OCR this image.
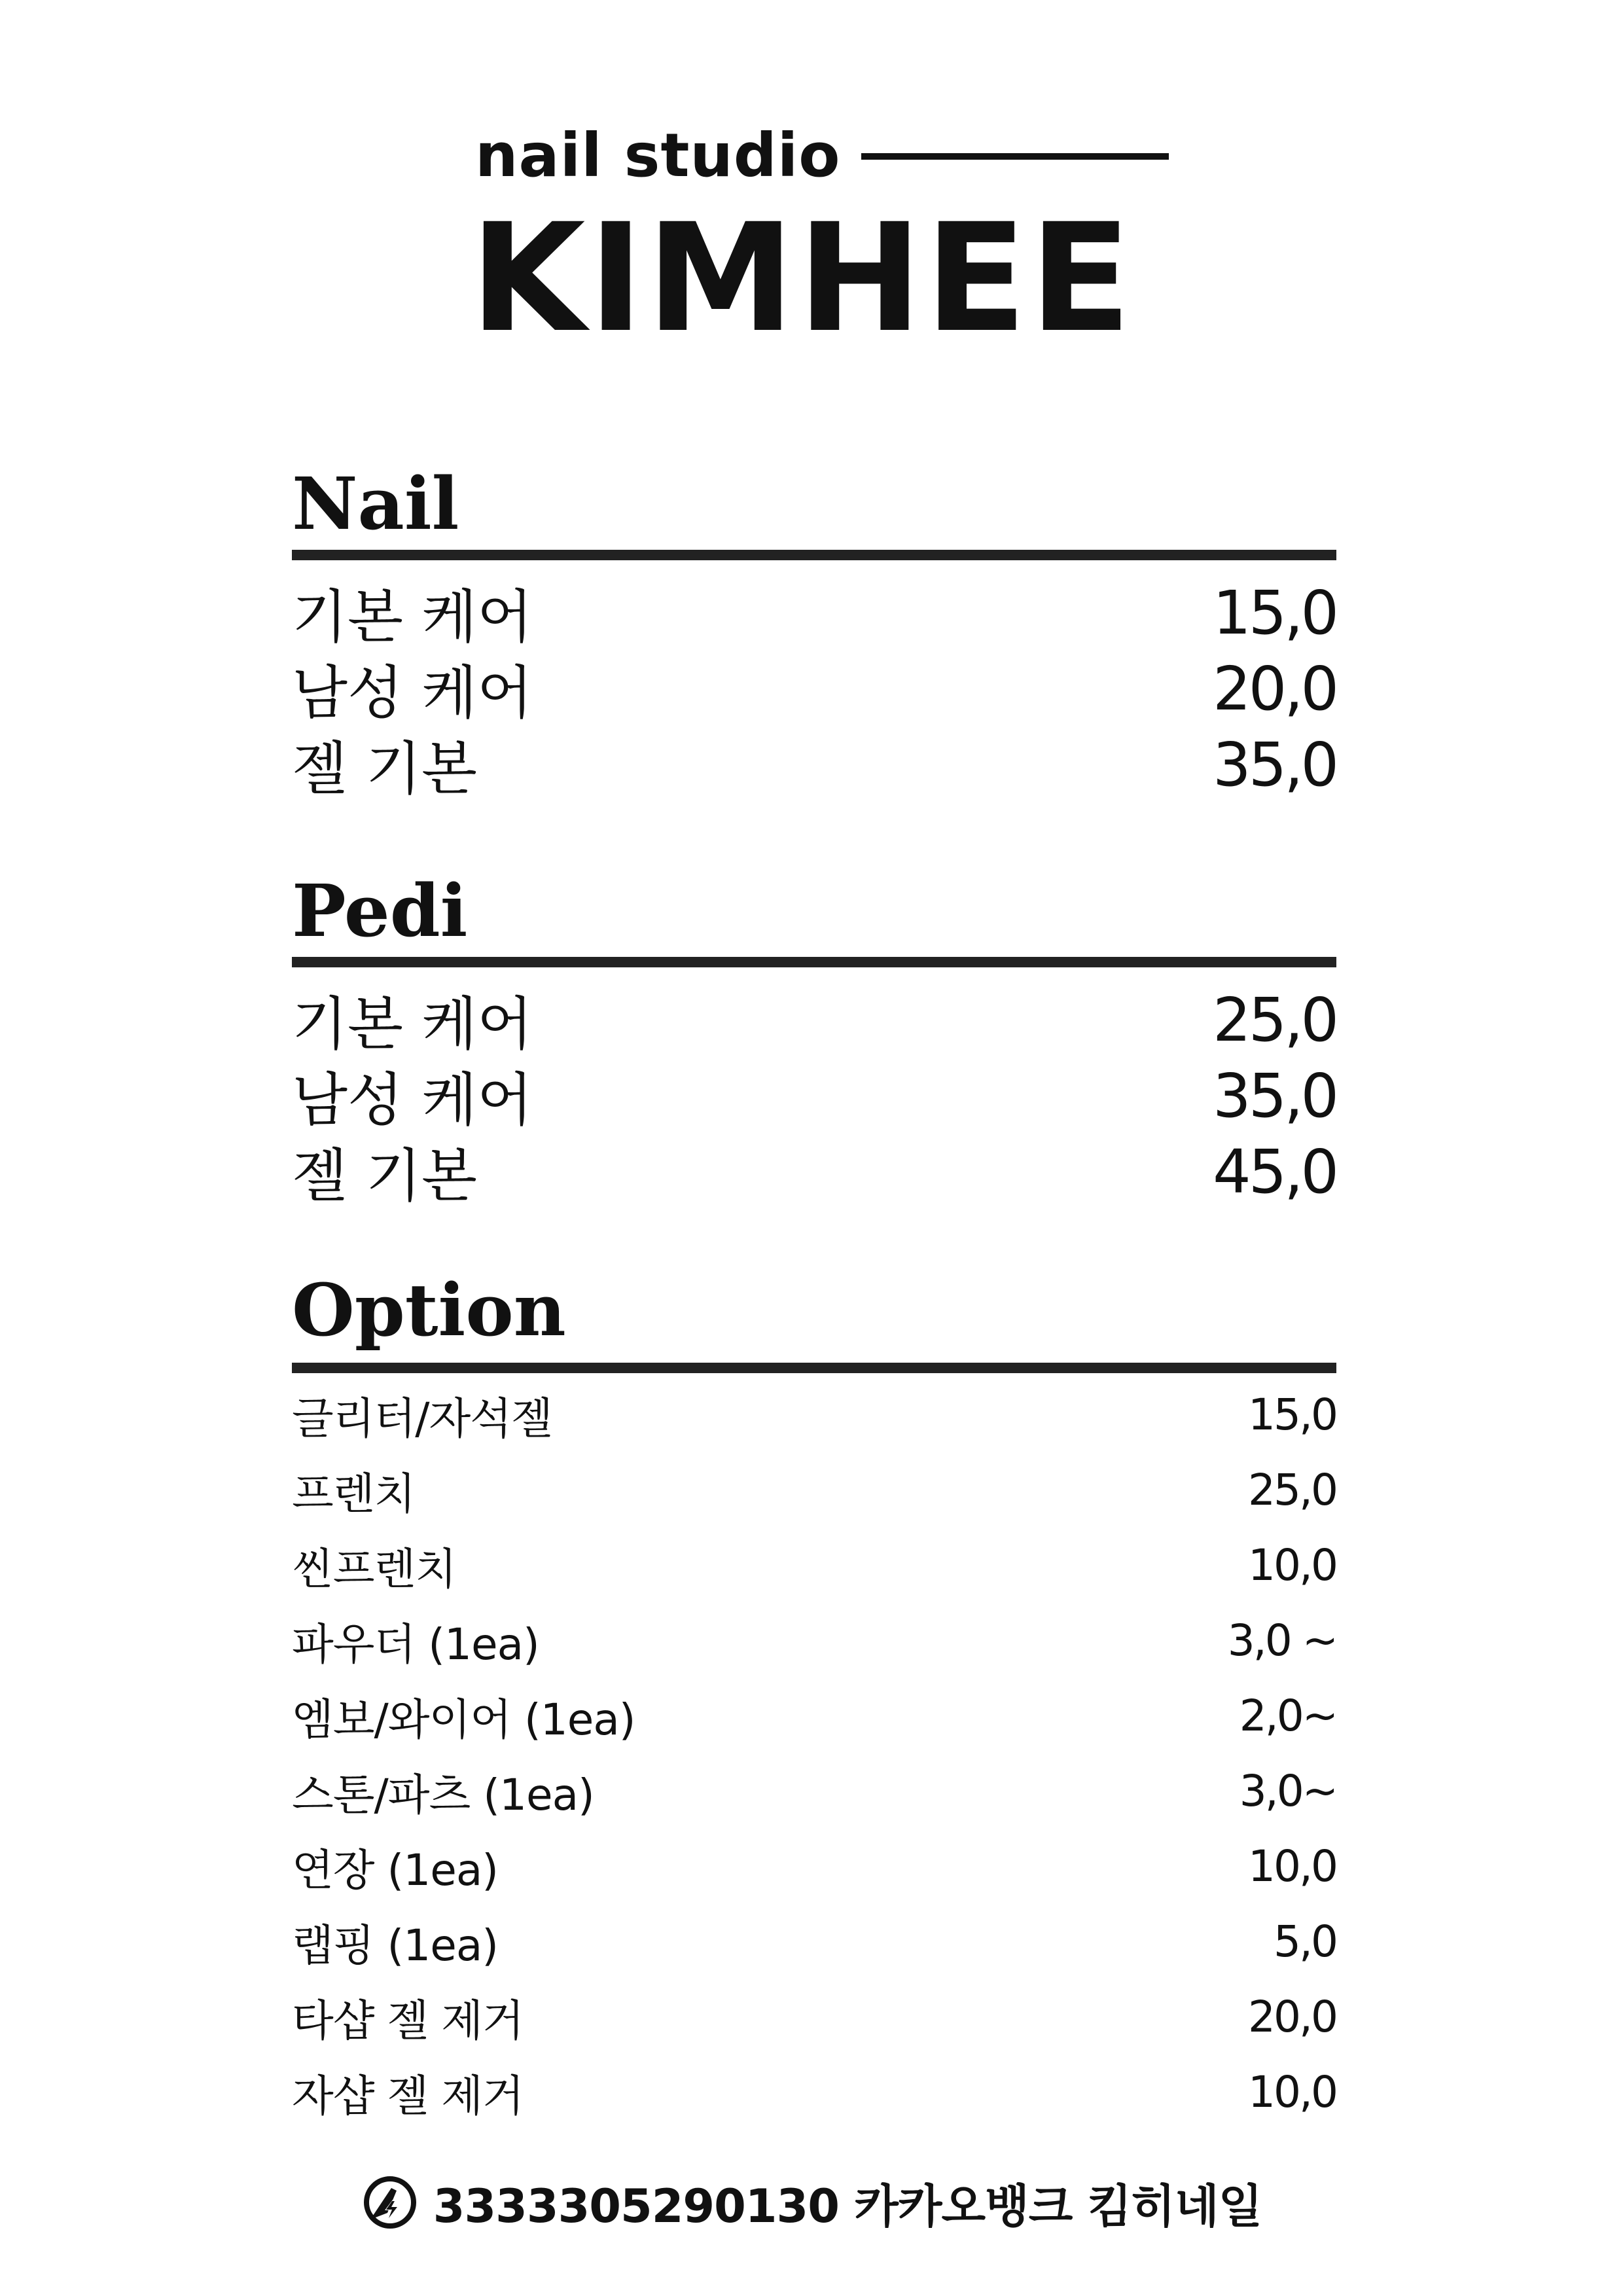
nail studio
KIMHEE
Nail
기본 케어	15,0
남성 케어	20,0
젤 기본	35,0
Pedi
기본 케어	25,0
남성 케어	35,0
젤 기본	45,0
Option
글리터/자석젤	15,0
프렌치	25,0
씬프렌치	10,0
파우더 (1ea)	3,0 ~
엠보/와이어 (1ea)	2,0~
스톤/파츠 (1ea)	3,0~
연장 (1ea)	10,0
랩핑 (1ea)	5,0
타샵 젤 제거	20,0
자샵 젤 제거	10,0
3333305290130 카카오뱅크 킴히네일
